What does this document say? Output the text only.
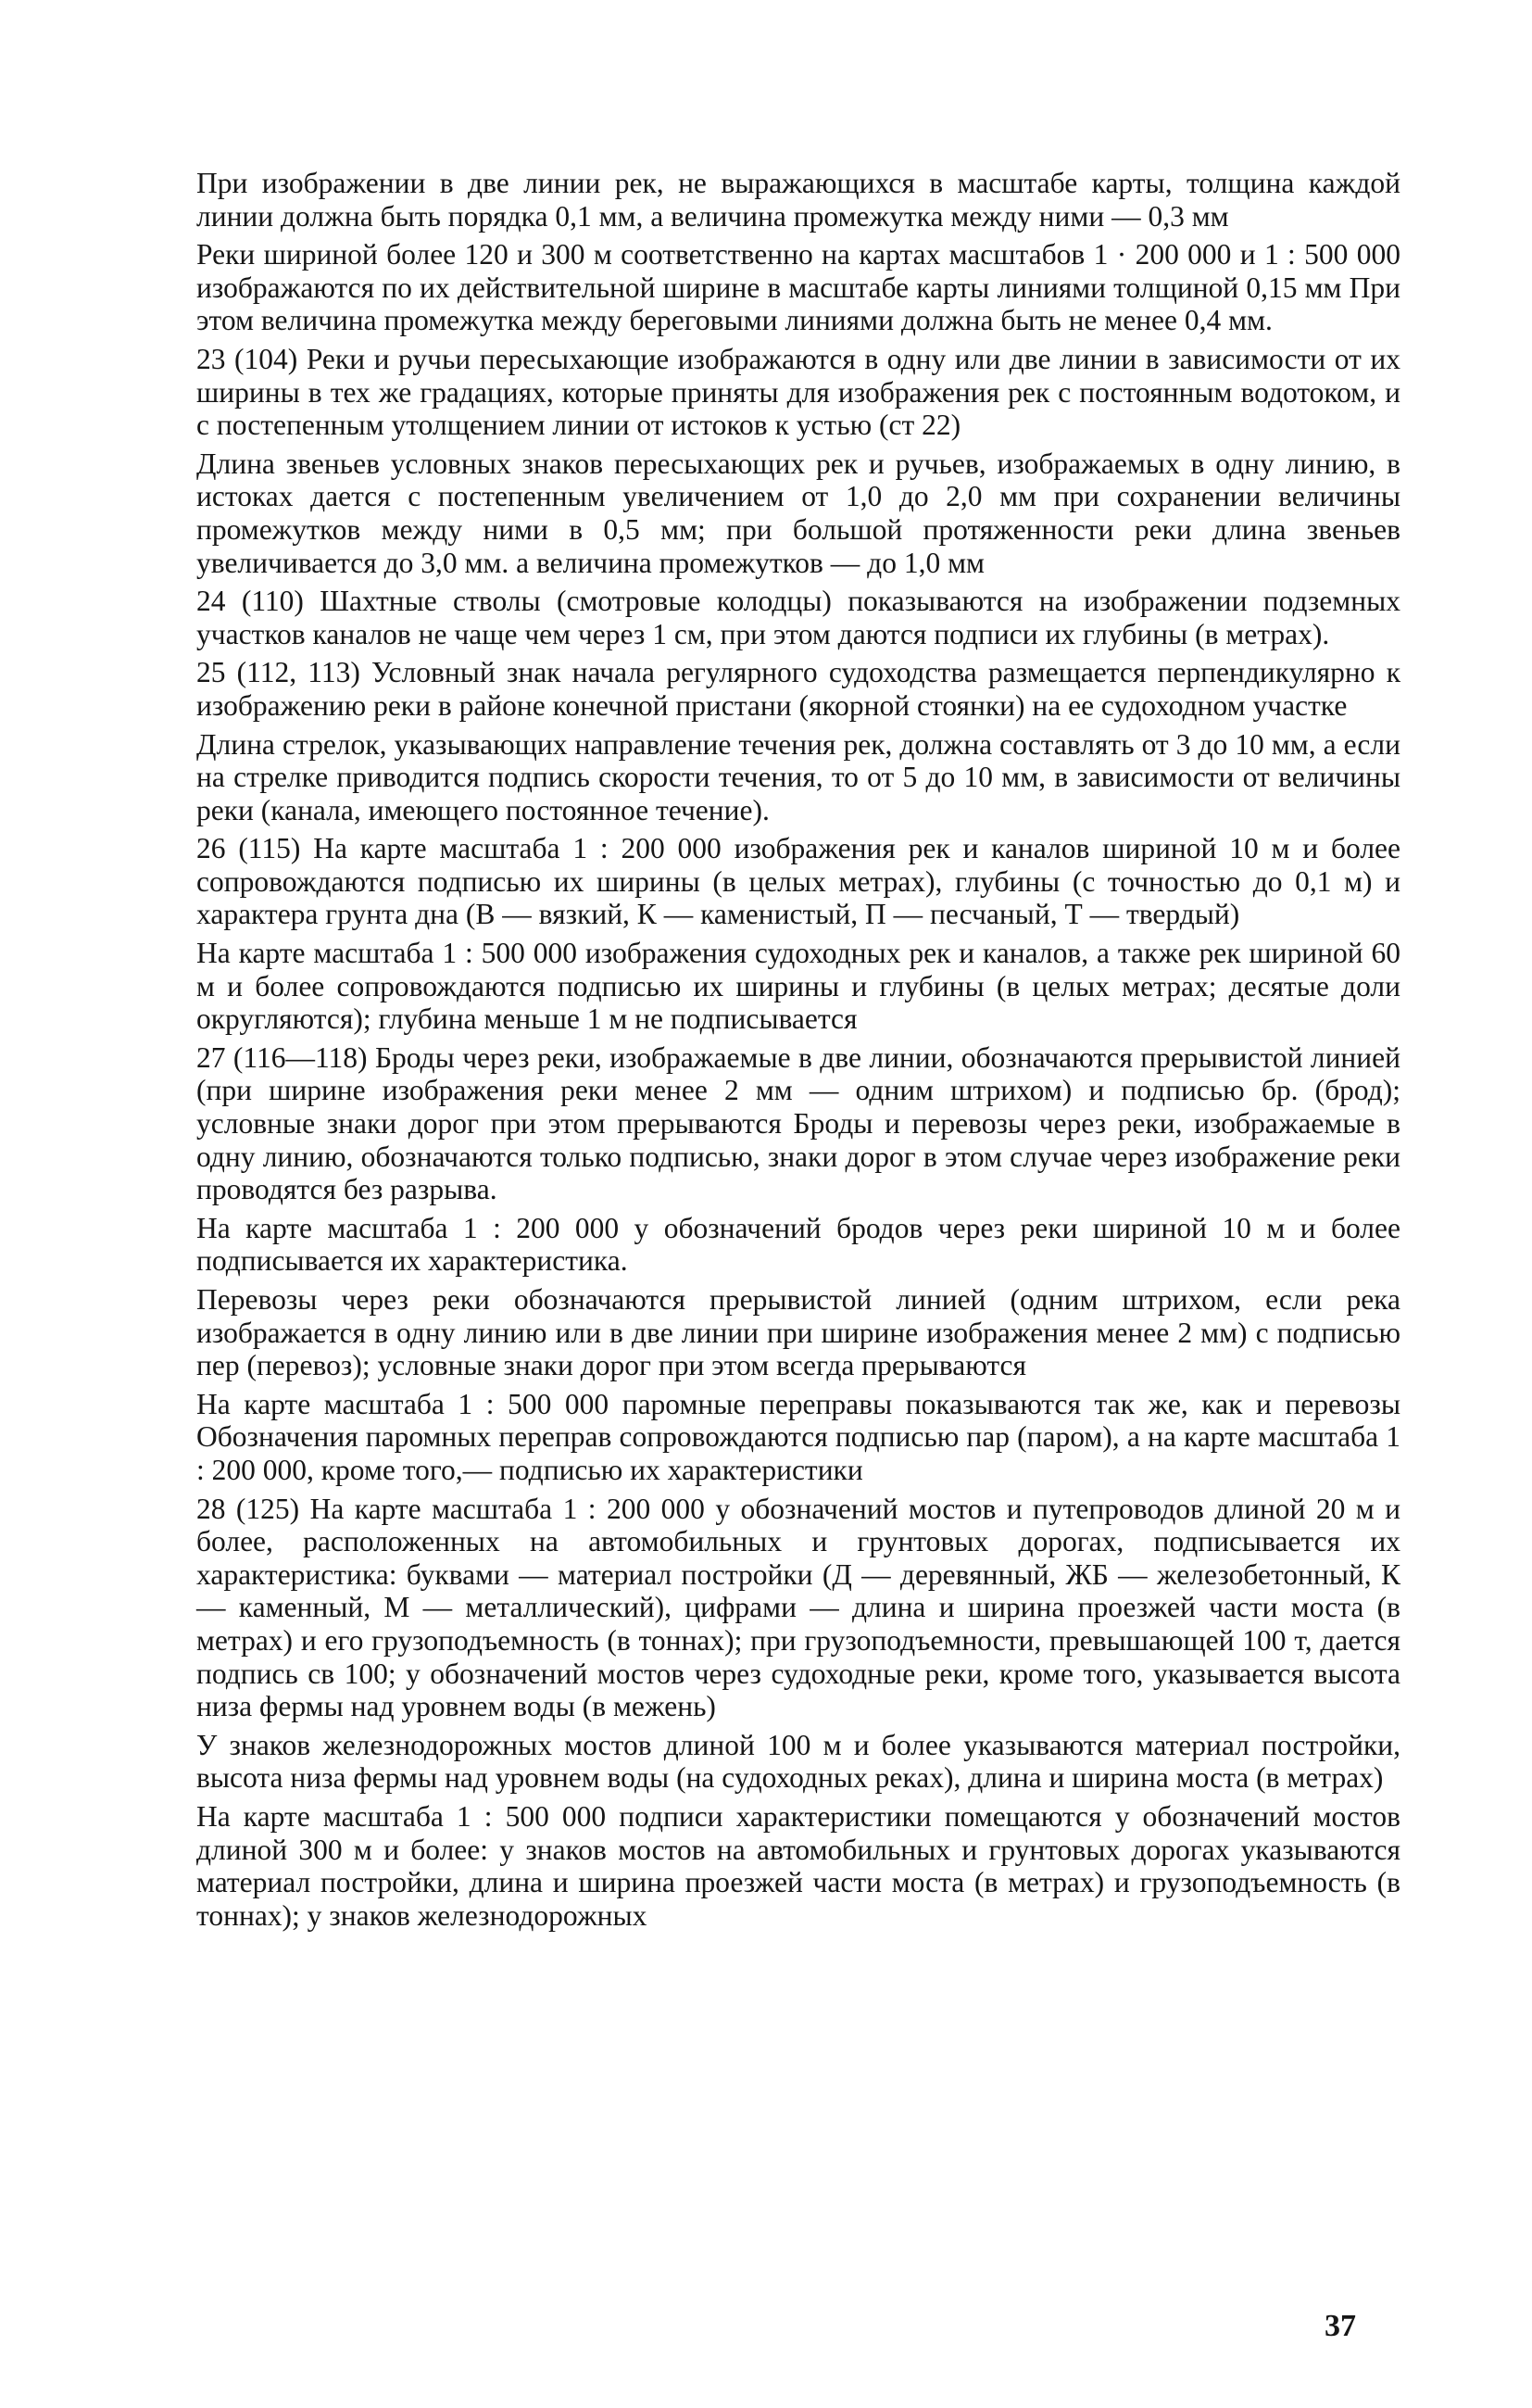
При изображении в две линии рек, не выражающихся в масштабе карты, толщина каждой линии должна быть порядка 0,1 мм, а величина промежутка между ними — 0,3 мм

Реки шириной более 120 и 300 м соответственно на картах масштабов 1 · 200 000 и 1 : 500 000 изображаются по их действительной ширине в масштабе карты линиями толщиной 0,15 мм При этом величина промежутка между береговыми линиями должна быть не менее 0,4 мм.

23 (104) Реки и ручьи пересыхающие изображаются в одну или две линии в зависимости от их ширины в тех же градациях, которые приняты для изображения рек с постоянным водотоком, и с постепенным утолщением линии от истоков к устью (ст 22)

Длина звеньев условных знаков пересыхающих рек и ручьев, изображаемых в одну линию, в истоках дается с постепенным увеличением от 1,0 до 2,0 мм при сохранении величины промежутков между ними в 0,5 мм; при большой протяженности реки длина звеньев увеличивается до 3,0 мм. а величина промежутков — до 1,0 мм

24 (110) Шахтные стволы (смотровые колодцы) показываются на изображении подземных участков каналов не чаще чем через 1 см, при этом даются подписи их глубины (в метрах).

25 (112, 113) Условный знак начала регулярного судоходства размещается перпендикулярно к изображению реки в районе конечной пристани (якорной стоянки) на ее судоходном участке

Длина стрелок, указывающих направление течения рек, должна составлять от 3 до 10 мм, а если на стрелке приводится подпись скорости течения, то от 5 до 10 мм, в зависимости от величины реки (канала, имеющего постоянное течение).

26 (115) На карте масштаба 1 : 200 000 изображения рек и каналов шириной 10 м и более сопровождаются подписью их ширины (в целых метрах), глубины (с точностью до 0,1 м) и характера грунта дна (В — вязкий, К — каменистый, П — песчаный, Т — твердый)

На карте масштаба 1 : 500 000 изображения судоходных рек и каналов, а также рек шириной 60 м и более сопровождаются подписью их ширины и глубины (в целых метрах; десятые доли округляются); глубина меньше 1 м не подписывается

27 (116—118) Броды через реки, изображаемые в две линии, обозначаются прерывистой линией (при ширине изображения реки менее 2 мм — одним штрихом) и подписью бр. (брод); условные знаки дорог при этом прерываются Броды и перевозы через реки, изображаемые в одну линию, обозначаются только подписью, знаки дорог в этом случае через изображение реки проводятся без разрыва.

На карте масштаба 1 : 200 000 у обозначений бродов через реки шириной 10 м и более подписывается их характеристика.

Перевозы через реки обозначаются прерывистой линией (одним штрихом, если река изображается в одну линию или в две линии при ширине изображения менее 2 мм) с подписью пер (перевоз); условные знаки дорог при этом всегда прерываются

На карте масштаба 1 : 500 000 паромные переправы показываются так же, как и перевозы Обозначения паромных переправ сопровождаются подписью пар (паром), а на карте масштаба 1 : 200 000, кроме того,— подписью их характеристики

28 (125) На карте масштаба 1 : 200 000 у обозначений мостов и путепроводов длиной 20 м и более, расположенных на автомобильных и грунтовых дорогах, подписывается их характеристика: буквами — материал постройки (Д — деревянный, ЖБ — железобетонный, К — каменный, М — металлический), цифрами — длина и ширина проезжей части моста (в метрах) и его грузоподъемность (в тоннах); при грузоподъемности, превышающей 100 т, дается подпись св 100; у обозначений мостов через судоходные реки, кроме того, указывается высота низа фермы над уровнем воды (в межень)

У знаков железнодорожных мостов длиной 100 м и более указываются материал постройки, высота низа фермы над уровнем воды (на судоходных реках), длина и ширина моста (в метрах)

На карте масштаба 1 : 500 000 подписи характеристики помещаются у обозначений мостов длиной 300 м и более: у знаков мостов на автомобильных и грунтовых дорогах указываются материал постройки, длина и ширина проезжей части моста (в метрах) и грузоподъемность (в тоннах); у знаков железнодорожных

37
